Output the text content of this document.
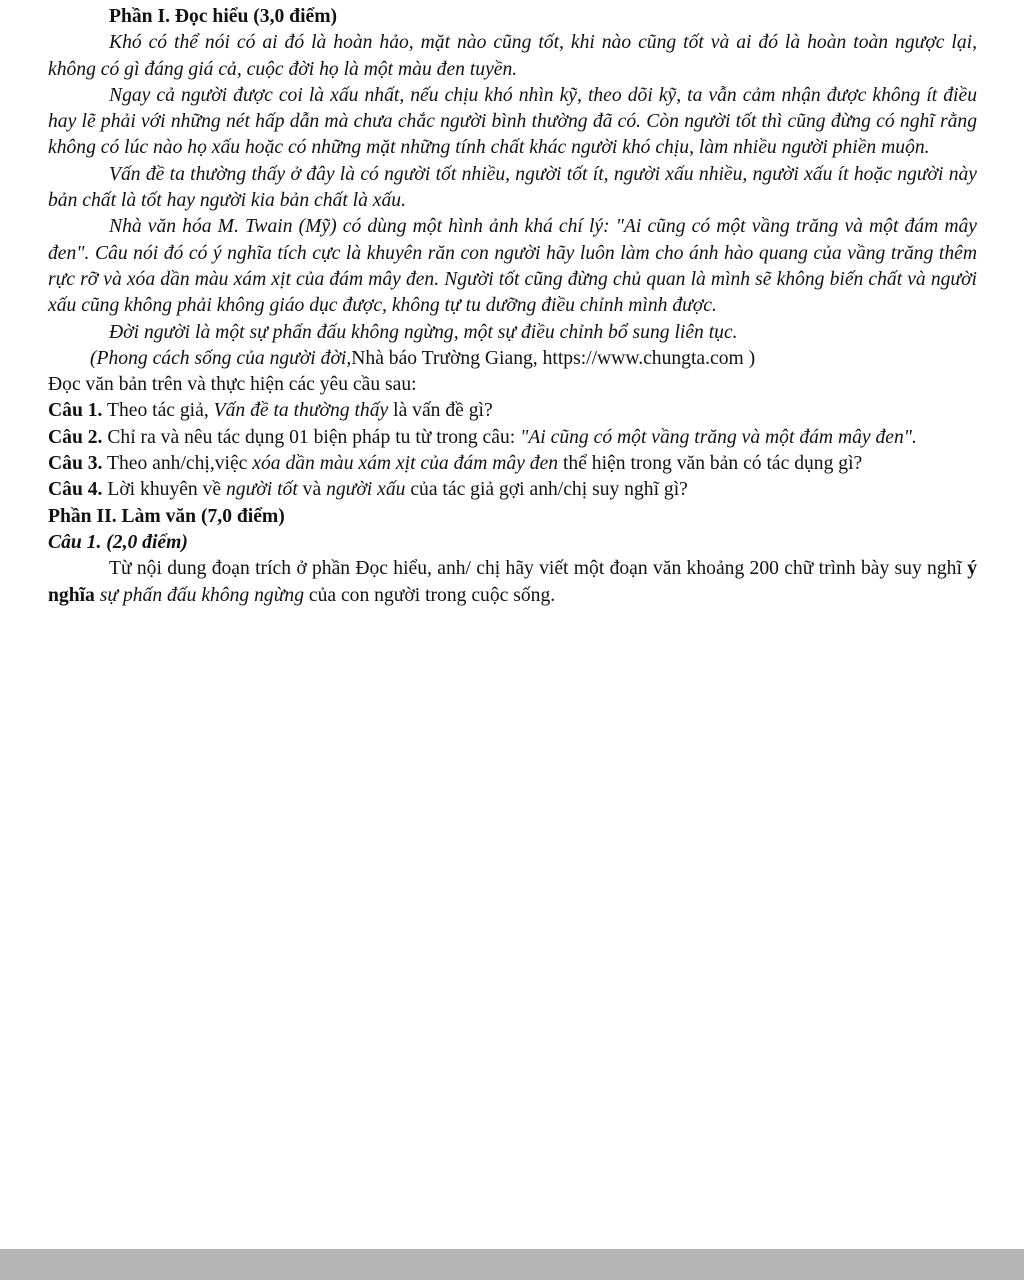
Phần I. Đọc hiểu (3,0 điểm)

Khó có thể nói có ai đó là hoàn hảo, mặt nào cũng tốt, khi nào cũng tốt và ai đó là hoàn toàn ngược lại, không có gì đáng giá cả, cuộc đời họ là một màu đen tuyền.

Ngay cả người được coi là xấu nhất, nếu chịu khó nhìn kỹ, theo dõi kỹ, ta vẫn cảm nhận được không ít điều hay lẽ phải với những nét hấp dẫn mà chưa chắc người bình thường đã có. Còn người tốt thì cũng đừng có nghĩ rằng không có lúc nào họ xấu hoặc có những mặt những tính chất khác người khó chịu, làm nhiều người phiền muộn.

Vấn đề ta thường thấy ở đây là có người tốt nhiều, người tốt ít, người xấu nhiều, người xấu ít hoặc người này bản chất là tốt hay người kia bản chất là xấu.

Nhà văn hóa M. Twain (Mỹ) có dùng một hình ảnh khá chí lý: "Ai cũng có một vầng trăng và một đám mây đen". Câu nói đó có ý nghĩa tích cực là khuyên răn con người hãy luôn làm cho ánh hào quang của vầng trăng thêm rực rỡ và xóa dần màu xám xịt của đám mây đen. Người tốt cũng đừng chủ quan là mình sẽ không biến chất và người xấu cũng không phải không giáo dục được, không tự tu dưỡng điều chỉnh mình được.

Đời người là một sự phấn đấu không ngừng, một sự điều chỉnh bổ sung liên tục.

(Phong cách sống của người đời,Nhà báo Trường Giang, https://www.chungta.com )

Đọc văn bản trên và thực hiện các yêu cầu sau:

Câu 1. Theo tác giả, Vấn đề ta thường thấy là vấn đề gì?

Câu 2. Chỉ ra và nêu tác dụng 01 biện pháp tu từ trong câu: "Ai cũng có một vầng trăng và một đám mây đen".

Câu 3. Theo anh/chị,việc xóa dần màu xám xịt của đám mây đen thể hiện trong văn bản có tác dụng gì?

Câu 4. Lời khuyên về người tốt và người xấu của tác giả gợi anh/chị suy nghĩ gì?

Phần II. Làm văn (7,0 điểm)

Câu 1. (2,0 điểm)

Từ nội dung đoạn trích ở phần Đọc hiểu, anh/ chị hãy viết một đoạn văn khoảng 200 chữ trình bày suy nghĩ ý nghĩa sự phấn đấu không ngừng của con người trong cuộc sống.
